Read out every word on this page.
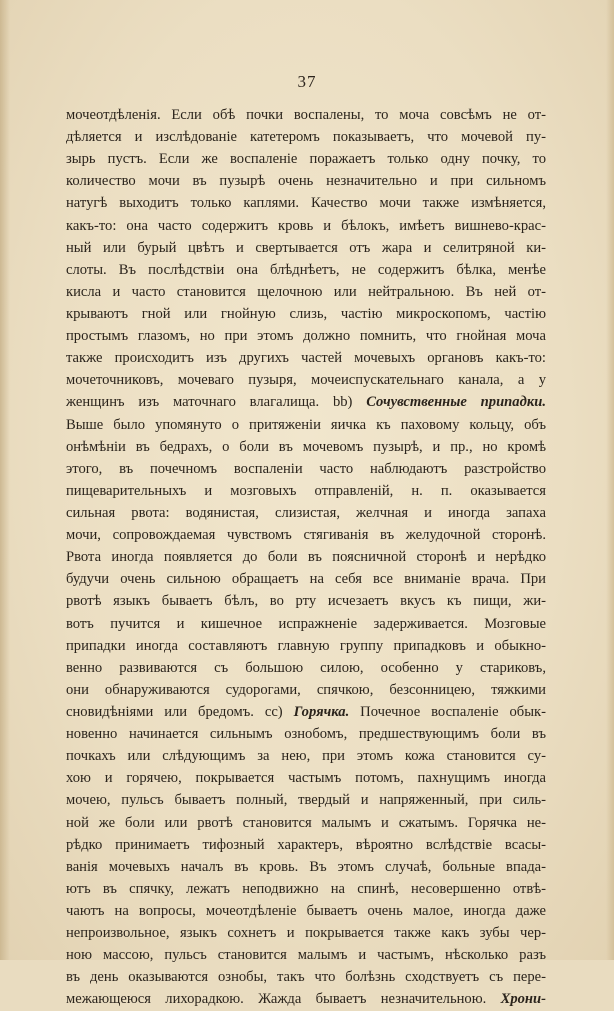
37
мочеотдѣленія. Если обѣ почки воспалены, то моча совсѣмъ не от-
дѣляется и изслѣдованіе катетеромъ показываетъ, что мочевой пу-
зырь пустъ. Если же воспаленіе поражаетъ только одну почку, то
количество мочи въ пузырѣ очень незначительно и при сильномъ
натугѣ выходитъ только каплями. Качество мочи также измѣняется,
какъ-то: она часто содержитъ кровь и бѣлокъ, имѣетъ вишнево-крас-
ный или бурый цвѣтъ и свертывается отъ жара и селитряной ки-
слоты. Въ послѣдствіи она блѣднѣетъ, не содержитъ бѣлка, менѣе
кисла и часто становится щелочною или нейтральною. Въ ней от-
крываютъ гной или гнойную слизь, частію микроскопомъ, частію
простымъ глазомъ, но при этомъ должно помнить, что гнойная моча
также происходитъ изъ другихъ частей мочевыхъ органовъ какъ-то:
мочеточниковъ, мочеваго пузыря, мочеиспускательнаго канала, а у
женщинъ изъ маточнаго влагалища. bb) Сочувственные припадки.
Выше было упомянуто о притяженіи яичка къ паховому кольцу, объ
онѣмѣніи въ бедрахъ, о боли въ мочевомъ пузырѣ, и пр., но кромѣ
этого, въ почечномъ воспаленіи часто наблюдаютъ разстройство
пищеварительныхъ и мозговыхъ отправленій, н. п. оказывается
сильная рвота: водянистая, слизистая, желчная и иногда запаха
мочи, сопровождаемая чувствомъ стягиванія въ желудочной сторонѣ.
Рвота иногда появляется до боли въ поясничной сторонѣ и нерѣдко
будучи очень сильною обращаетъ на себя все вниманіе врача. При
рвотѣ языкъ бываетъ бѣлъ, во рту исчезаетъ вкусъ къ пищи, жи-
вотъ пучится и кишечное испражненіе задерживается. Мозговые
припадки иногда составляютъ главную группу припадковъ и обыкно-
венно развиваются съ большою силою, особенно у стариковъ,
они обнаруживаются судорогами, спячкою, безсонницею, тяжкими
сновидѣніями или бредомъ. cc) Горячка. Почечное воспаленіе обык-
новенно начинается сильнымъ ознобомъ, предшествующимъ боли въ
почкахъ или слѣдующимъ за нею, при этомъ кожа становится су-
хою и горячею, покрывается частымъ потомъ, пахнущимъ иногда
мочею, пульсъ бываетъ полный, твердый и напряженный, при силь-
ной же боли или рвотѣ становится малымъ и сжатымъ. Горячка не-
рѣдко принимаетъ тифозный характеръ, вѣроятно вслѣдствіе всасы-
ванія мочевыхъ началъ въ кровь. Въ этомъ случаѣ, больные впада-
ютъ въ спячку, лежатъ неподвижно на спинѣ, несовершенно отвѣ-
чаютъ на вопросы, мочеотдѣленіе бываетъ очень малое, иногда даже
непроизвольное, языкъ сохнетъ и покрывается также какъ зубы чер-
ною массою, пульсъ становится малымъ и частымъ, нѣсколько разъ
въ день оказываются ознобы, такъ что болѣзнь сходствуетъ съ пере-
межающеюся лихорадкою. Жажда бываетъ незначительною. Хрони-
